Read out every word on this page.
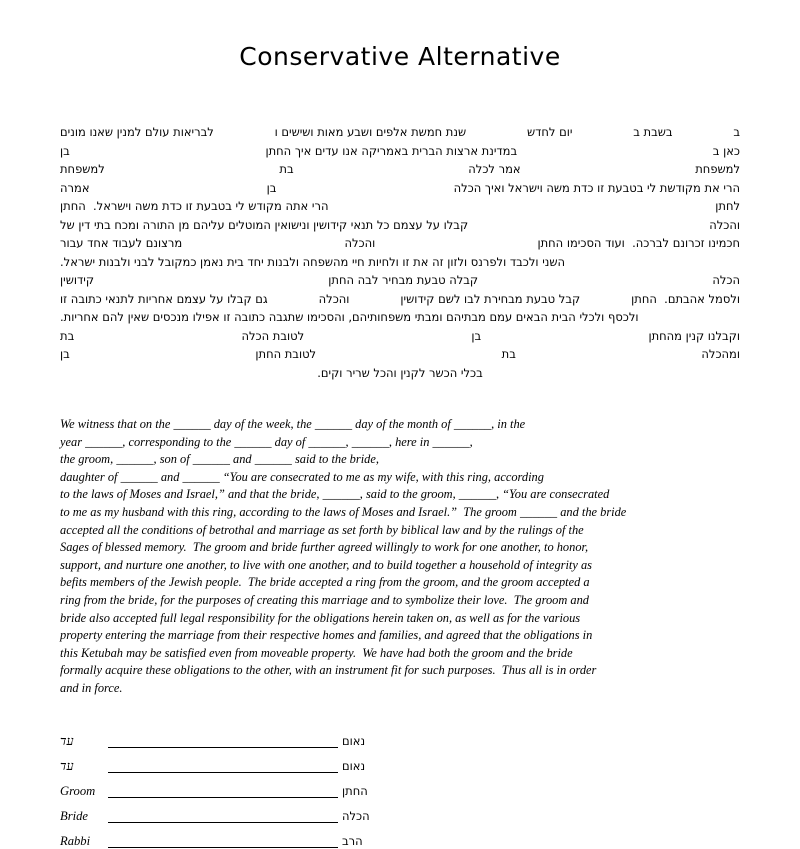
Conservative Alternative
ב
בשבת ב
יום לחדש
שנת חמשת אלפים ושבע מאות ושישים ו
לבריאות עולם למנין שאנו מונים
כאן ב
במדינת ארצות הברית באמריקה אנו עדים איך החתן
בן
למשפחת
אמר לכלה
בת
למשפחת
הרי את מקודשת לי בטבעת זו כדת משה וישראל ואיך הכלה
בן
אמרה
לחתן
הרי אתה מקודש לי בטבעת זו כדת משה וישראל.  החתן
והכלה
קבלו על עצמם כל תנאי קידושין ונישואין המוטלים עליהם מן התורה ומכח בתי דין של
חכמינו זכרונם לברכה.  ועוד הסכימו החתן
והכלה
מרצונם לעבוד אחד עבור
השני ולכבד ולפרנס ולזון זה את זו ולחיות חיי מהשפחה ולבנות יחד בית נאמן כמקובל לבני ולבנות ישראל.
הכלה
קבלה טבעת מבחיר לבה החתן
קידושין
ולסמל אהבתם.  החתן
קבל טבעת מבחירת לבו לשם קידושין
והכלה
גם קבלו על עצמם אחריות לתנאי כתובה זו
ולכסף ולכלי הבית הבאים עמם מבתיהם ומבתי משפחותיהם, והסכימו שתגבה כתובה זו אפילו מנכסים שאין להם אחריות.
וקבלנו קנין מהחתן
בן
לטובת הכלה
בת
ומהכלה
בת
לטובת החתן
בן
בכלי הכשר לקנין והכל שריר וקים.
We witness that on the ______ day of the week, the ______ day of the month of ______, in the
year ______, corresponding to the ______ day of ______, ______, here in ______,
the groom, ______, son of ______ and ______ said to the bride,
daughter of ______ and ______ “You are consecrated to me as my wife, with this ring, according
to the laws of Moses and Israel,” and that the bride, ______, said to the groom, ______, “You are consecrated
to me as my husband with this ring, according to the laws of Moses and Israel.”  The groom ______ and the bride
accepted all the conditions of betrothal and marriage as set forth by biblical law and by the rulings of the
Sages of blessed memory.  The groom and bride further agreed willingly to work for one another, to honor,
support, and nurture one another, to live with one another, and to build together a household of integrity as
befits members of the Jewish people.  The bride accepted a ring from the groom, and the groom accepted a
ring from the bride, for the purposes of creating this marriage and to symbolize their love.  The groom and
bride also accepted full legal responsibility for the obligations herein taken on, as well as for the various
property entering the marriage from their respective homes and families, and agreed that the obligations in
this Ketubah may be satisfied even from moveable property.  We have had both the groom and the bride
formally acquire these obligations to the other, with an instrument fit for such purposes.  Thus all is in order
and in force.
עד	נאום
עד	נאום
Groom	החתן
Bride	הכלה
Rabbi	הרב
